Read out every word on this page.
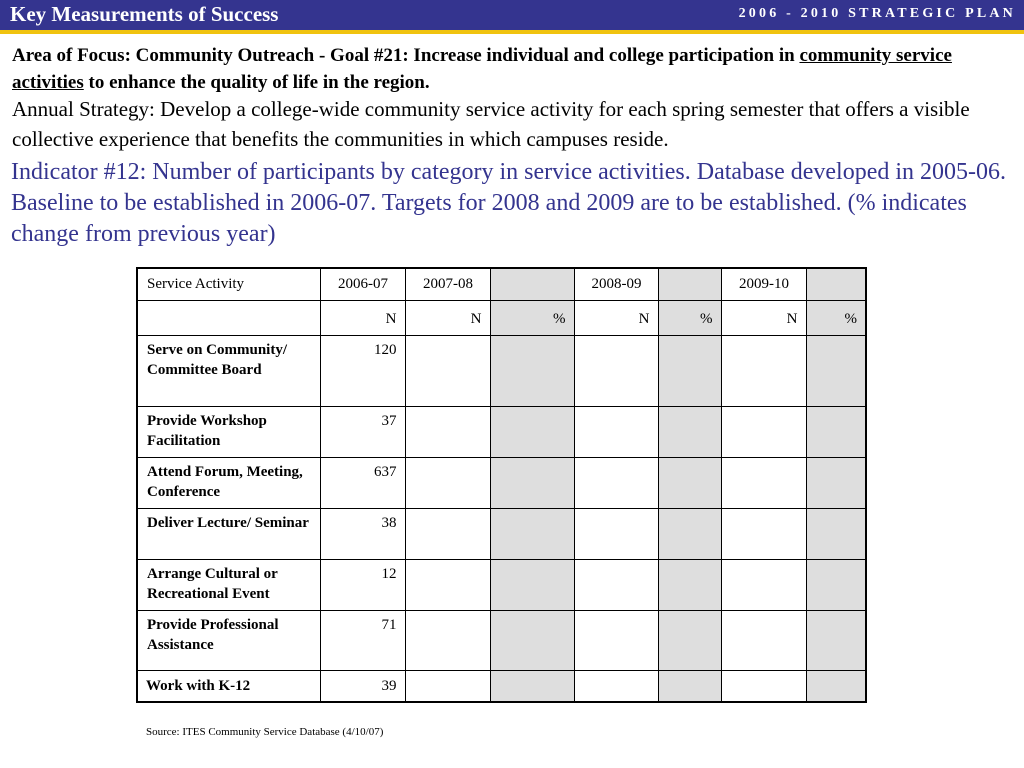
Key Measurements of Success	2006 - 2010 STRATEGIC PLAN
Area of Focus: Community Outreach - Goal #21: Increase individual and college participation in community service activities to enhance the quality of life in the region.
Annual Strategy: Develop a college-wide community service activity for each spring semester that offers a visible collective experience that benefits the communities in which campuses reside.
Indicator #12: Number of participants by category in service activities. Database developed in 2005-06. Baseline to be established in 2006-07. Targets for 2008 and 2009 are to be established. (% indicates change from previous year)
Service Activity	2006-07	2007-08		2008-09		2009-10	

	N	N	%	N	%	N	%

Serve on Community/ Committee Board	120						

Provide Workshop Facilitation	37						

Attend Forum, Meeting, Conference	637						

Deliver Lecture/ Seminar	38						

Arrange Cultural or Recreational Event	12						

Provide Professional Assistance	71						

Work with K-12	39						

Source: ITES Community Service Database (4/10/07)
